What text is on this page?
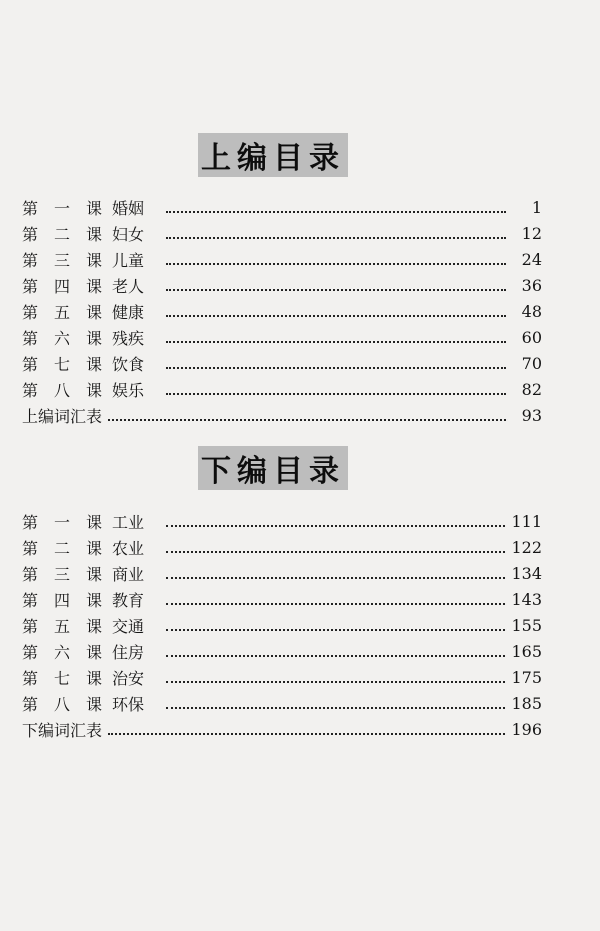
上编目录
第 一 课 婚姻	1
第 二 课 妇女	12
第 三 课 儿童	24
第 四 课 老人	36
第 五 课 健康	48
第 六 课 残疾	60
第 七 课 饮食	70
第 八 课 娱乐	82
上编词汇表	93
下编目录
第 一 课 工业	111
第 二 课 农业	122
第 三 课 商业	134
第 四 课 教育	143
第 五 课 交通	155
第 六 课 住房	165
第 七 课 治安	175
第 八 课 环保	185
下编词汇表	196
